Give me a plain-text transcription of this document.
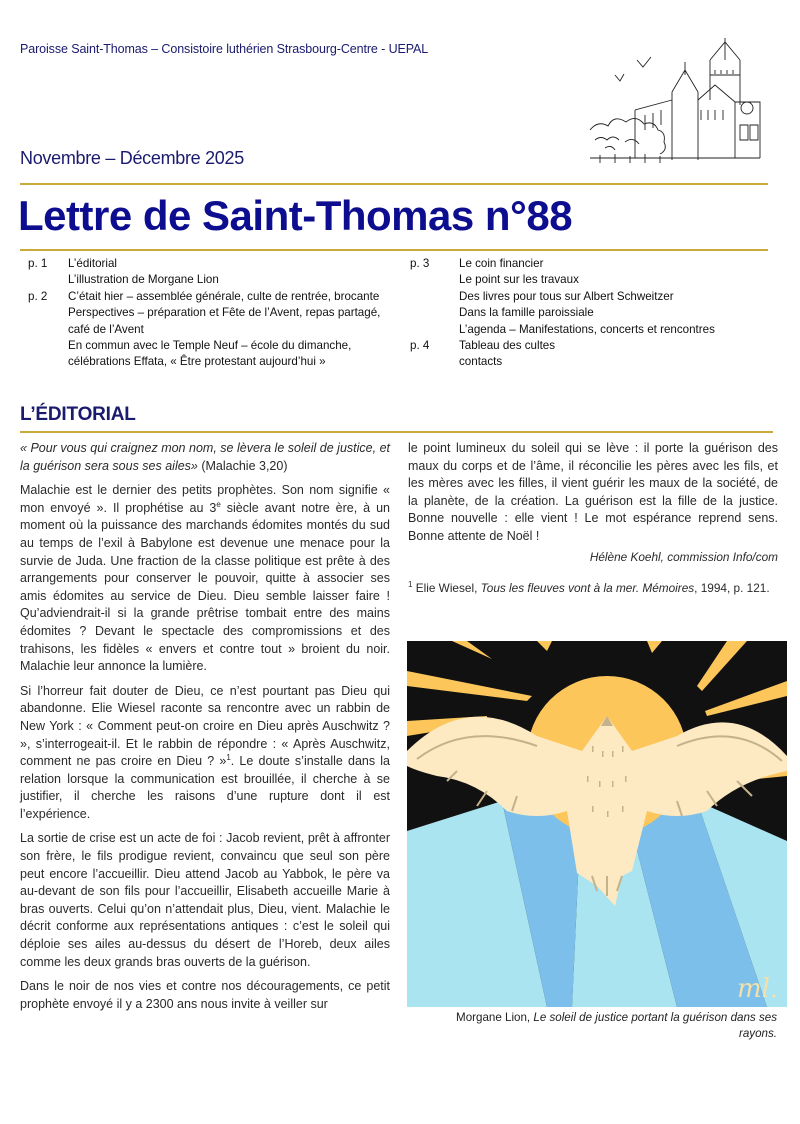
Paroisse Saint-Thomas – Consistoire luthérien Strasbourg-Centre - UEPAL
Novembre – Décembre 2025
Lettre de Saint-Thomas n°88
p. 1	L’éditorial
L’illustration de Morgane Lion
p. 2	C’était hier – assemblée générale, culte de rentrée, brocante
Perspectives – préparation et Fête de l’Avent, repas partagé, café de l’Avent
En commun avec le Temple Neuf – école du dimanche, célébrations Effata, « Être protestant aujourd’hui »
p. 3	Le coin financier
Le point sur les travaux
Des livres pour tous sur Albert Schweitzer
Dans la famille paroissiale
L’agenda – Manifestations, concerts et rencontres
p. 4	Tableau des cultes
contacts
L’ÉDITORIAL

« Pour vous qui craignez mon nom, se lèvera le soleil de justice, et la guérison sera sous ses ailes» (Malachie 3,20)

Malachie est le dernier des petits prophètes. Son nom signifie « mon envoyé ». Il prophétise au 3e siècle avant notre ère, à un moment où la puissance des marchands édomites montés du sud au temps de l’exil à Babylone est devenue une menace pour la survie de Juda. Une fraction de la classe politique est prête à des arrangements pour conserver le pouvoir, quitte à associer ses amis édomites au service de Dieu. Dieu semble laisser faire ! Qu’adviendrait-il si la grande prêtrise tombait entre des mains édomites ? Devant le spectacle des compromissions et des trahisons, les fidèles « envers et contre tout » broient du noir. Malachie leur annonce la lumière.

Si l’horreur fait douter de Dieu, ce n’est pourtant pas Dieu qui abandonne. Elie Wiesel raconte sa rencontre avec un rabbin de New York : « Comment peut-on croire en Dieu après Auschwitz ? », s’interrogeait-il. Et le rabbin de répondre : « Après Auschwitz, comment ne pas croire en Dieu ? »$^1$. Le doute s’installe dans la relation lorsque la communication est brouillée, il cherche à se justifier, il cherche les raisons d’une rupture dont il est l’expérience.

La sortie de crise est un acte de foi : Jacob revient, prêt à affronter son frère, le fils prodigue revient, convaincu que seul son père peut encore l’accueillir. Dieu attend Jacob au Yabbok, le père va au-devant de son fils pour l’accueillir, Elisabeth accueille Marie à bras ouverts. Celui qu’on n’attendait plus, Dieu, vient. Malachie le décrit conforme aux représentations antiques : c’est le soleil qui déploie ses ailes au-dessus du désert de l’Horeb, deux ailes comme les deux grands bras ouverts de la guérison.

Dans le noir de nos vies et contre nos découragements, ce petit prophète envoyé il y a 2300 ans nous invite à veiller sur

le point lumineux du soleil qui se lève : il porte la guérison des maux du corps et de l’âme, il réconcilie les pères avec les fils, et les mères avec les filles, il vient guérir les maux de la société, de la planète, de la création. La guérison est la fille de la justice. Bonne nouvelle : elle vient ! Le mot espérance reprend sens. Bonne attente de Noël !

Hélène Koehl, commission Info/com
$^1$ Elie Wiesel, Tous les fleuves vont à la mer. Mémoires, 1994, p. 121.
ml.
Morgane Lion, Le soleil de justice portant la guérison dans ses rayons.
